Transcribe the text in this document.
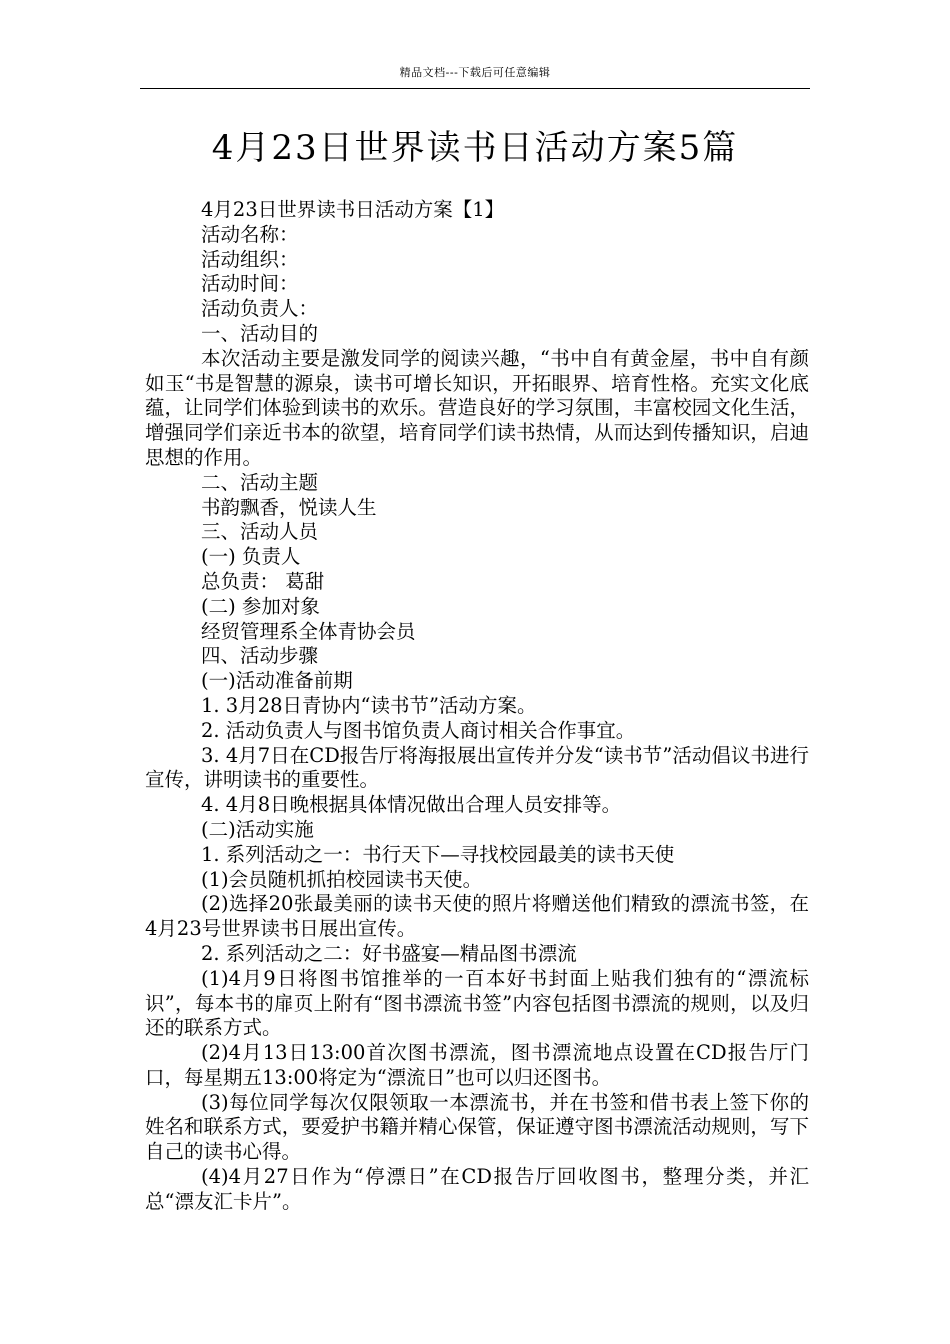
精品文档---下载后可任意编辑
4月23日世界读书日活动方案5篇

4月23日世界读书日活动方案【1】

活动名称：

活动组织：

活动时间：

活动负责人：

一、活动目的

本次活动主要是激发同学的阅读兴趣，“书中自有黄金屋，书中自有颜如玉“书是智慧的源泉，读书可增长知识，开拓眼界、培育性格。充实文化底蕴，让同学们体验到读书的欢乐。营造良好的学习氛围，丰富校园文化生活，增强同学们亲近书本的欲望，培育同学们读书热情，从而达到传播知识，启迪思想的作用。

二、活动主题

书韵飘香，悦读人生

三、活动人员

(一) 负责人

总负责： 葛甜

(二) 参加对象

经贸管理系全体青协会员

四、活动步骤

(一)活动准备前期

1. 3月28日青协内“读书节”活动方案。

2. 活动负责人与图书馆负责人商讨相关合作事宜。

3. 4月7日在CD报告厅将海报展出宣传并分发“读书节”活动倡议书进行宣传，讲明读书的重要性。

4. 4月8日晚根据具体情况做出合理人员安排等。

(二)活动实施

1. 系列活动之一：书行天下—寻找校园最美的读书天使

(1)会员随机抓拍校园读书天使。

(2)选择20张最美丽的读书天使的照片将赠送他们精致的漂流书签，在4月23号世界读书日展出宣传。

2. 系列活动之二：好书盛宴—精品图书漂流

(1)4月9日将图书馆推举的一百本好书封面上贴我们独有的“漂流标识”，每本书的扉页上附有“图书漂流书签”内容包括图书漂流的规则，以及归还的联系方式。

(2)4月13日13:00首次图书漂流，图书漂流地点设置在CD报告厅门口，每星期五13:00将定为“漂流日”也可以归还图书。

(3)每位同学每次仅限领取一本漂流书，并在书签和借书表上签下你的姓名和联系方式，要爱护书籍并精心保管，保证遵守图书漂流活动规则，写下自己的读书心得。

(4)4月27日作为“停漂日”在CD报告厅回收图书，整理分类，并汇总“漂友汇卡片”。
